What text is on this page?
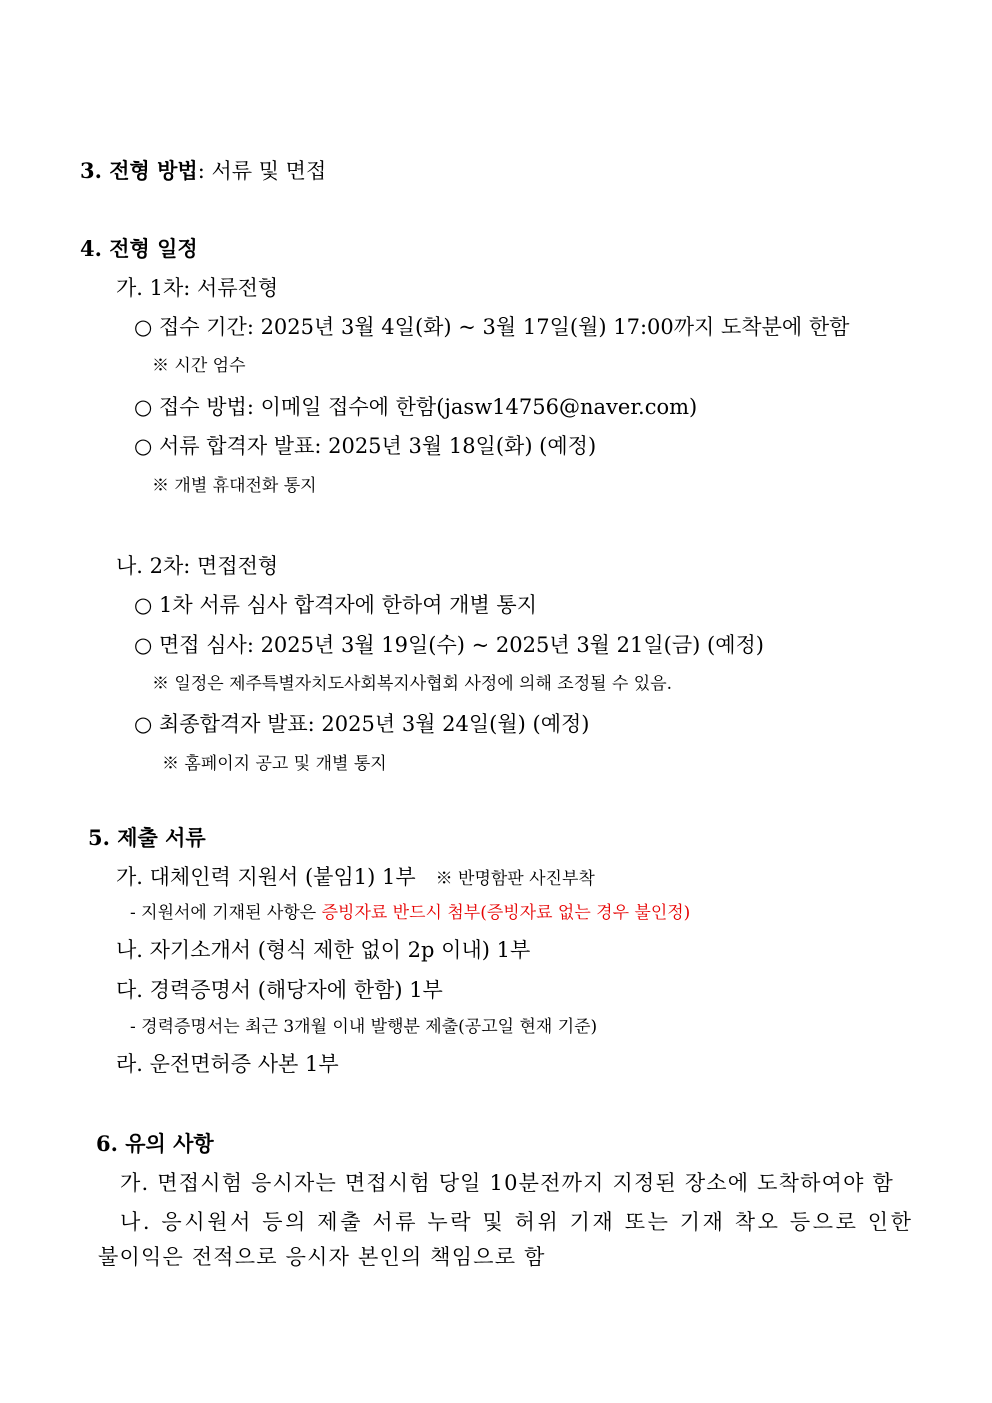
3. 전형 방법: 서류 및 면접
4. 전형 일정
가. 1차: 서류전형
○ 접수 기간: 2025년 3월 4일(화) ~ 3월 17일(월) 17:00까지 도착분에 한함
※ 시간 엄수
○ 접수 방법: 이메일 접수에 한함(jasw14756@naver.com)
○ 서류 합격자 발표: 2025년 3월 18일(화) (예정)
※ 개별 휴대전화 통지
나. 2차: 면접전형
○ 1차 서류 심사 합격자에 한하여 개별 통지
○ 면접 심사: 2025년 3월 19일(수) ~ 2025년 3월 21일(금) (예정)
※ 일정은 제주특별자치도사회복지사협회 사정에 의해 조정될 수 있음.
○ 최종합격자 발표: 2025년 3월 24일(월) (예정)
※ 홈페이지 공고 및 개별 통지
5. 제출 서류
가. 대체인력 지원서 (붙임1) 1부 ※ 반명함판 사진부착
- 지원서에 기재된 사항은 증빙자료 반드시 첨부(증빙자료 없는 경우 불인정)
나. 자기소개서 (형식 제한 없이 2p 이내) 1부
다. 경력증명서 (해당자에 한함) 1부
- 경력증명서는 최근 3개월 이내 발행분 제출(공고일 현재 기준)
라. 운전면허증 사본 1부
6. 유의 사항
가. 면접시험 응시자는 면접시험 당일 10분전까지 지정된 장소에 도착하여야 함
나. 응시원서 등의 제출 서류 누락 및 허위 기재 또는 기재 착오 등으로 인한
불이익은 전적으로 응시자 본인의 책임으로 함
